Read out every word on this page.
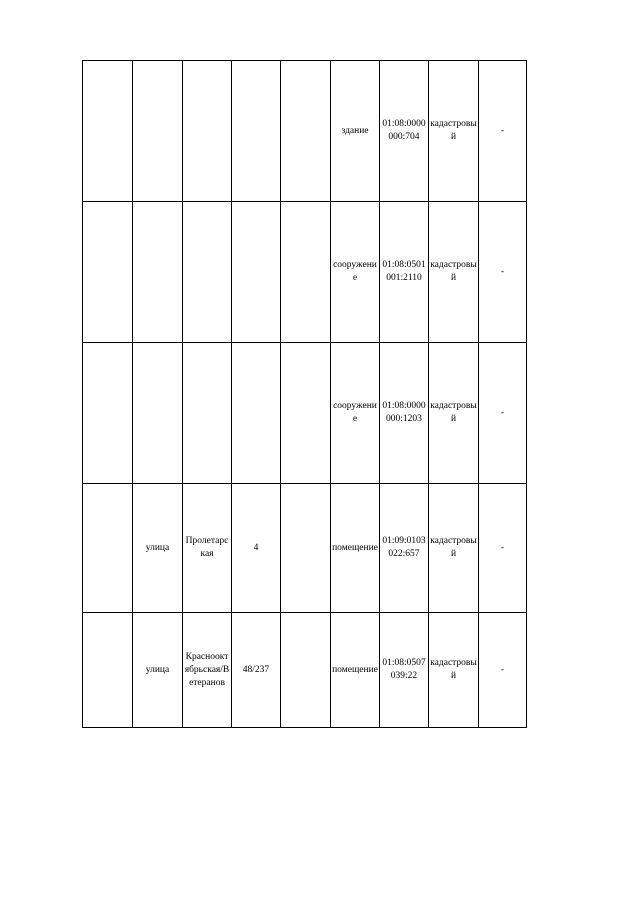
					здание	01:08:0000000:704	кадастровый	-
					сооружение	01:08:0501001:2110	кадастровый	-
					сооружение	01:08:0000000:1203	кадастровый	-
	улица	Пролетарская	4		помещение	01:09:0103022:657	кадастровый	-
	улица	Краснооктябрьская/Ветеранов	48/237		помещение	01:08:0507039:22	кадастровый	-
